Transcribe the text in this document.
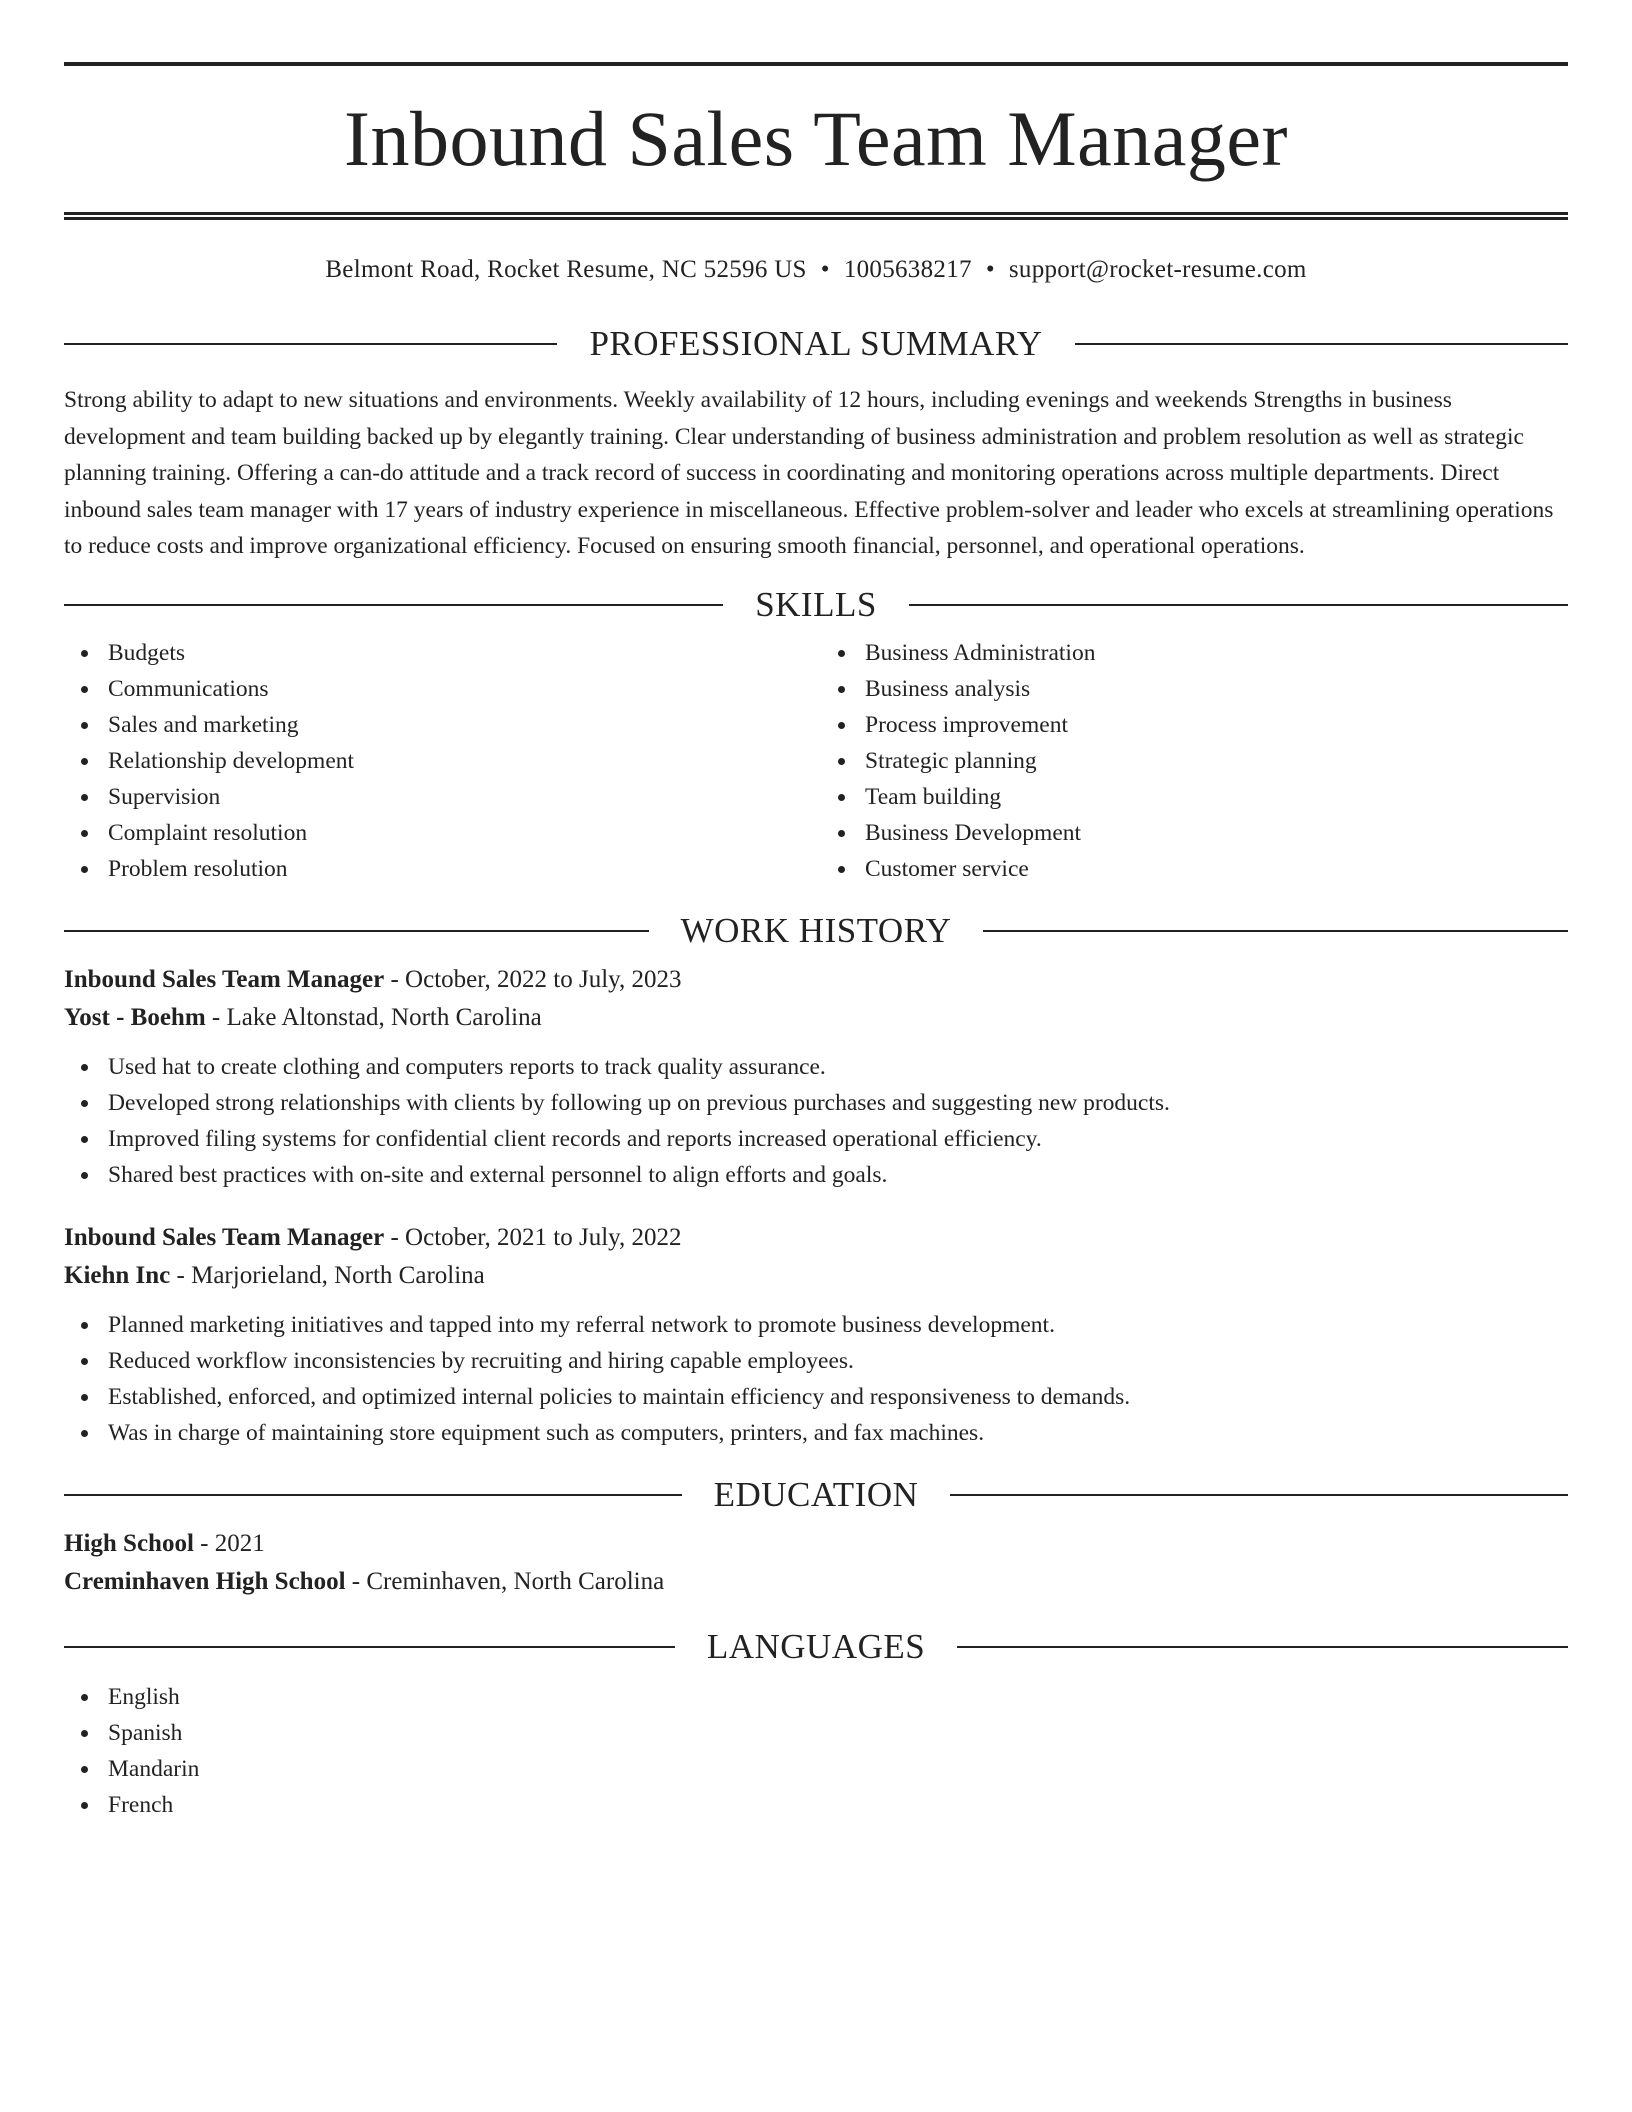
Inbound Sales Team Manager
Belmont Road, Rocket Resume, NC 52596 US • 1005638217 • support@rocket-resume.com
PROFESSIONAL SUMMARY

Strong ability to adapt to new situations and environments. Weekly availability of 12 hours, including evenings and weekends Strengths in business development and team building backed up by elegantly training. Clear understanding of business administration and problem resolution as well as strategic planning training. Offering a can-do attitude and a track record of success in coordinating and monitoring operations across multiple departments. Direct inbound sales team manager with 17 years of industry experience in miscellaneous. Effective problem-solver and leader who excels at streamlining operations to reduce costs and improve organizational efficiency. Focused on ensuring smooth financial, personnel, and operational operations.

SKILLS
Budgets
Communications
Sales and marketing
Relationship development
Supervision
Complaint resolution
Problem resolution
Business Administration
Business analysis
Process improvement
Strategic planning
Team building
Business Development
Customer service
WORK HISTORY
Inbound Sales Team Manager - October, 2022 to July, 2023
Yost - Boehm - Lake Altonstad, North Carolina
Used hat to create clothing and computers reports to track quality assurance.
Developed strong relationships with clients by following up on previous purchases and suggesting new products.
Improved filing systems for confidential client records and reports increased operational efficiency.
Shared best practices with on-site and external personnel to align efforts and goals.
Inbound Sales Team Manager - October, 2021 to July, 2022
Kiehn Inc - Marjorieland, North Carolina
Planned marketing initiatives and tapped into my referral network to promote business development.
Reduced workflow inconsistencies by recruiting and hiring capable employees.
Established, enforced, and optimized internal policies to maintain efficiency and responsiveness to demands.
Was in charge of maintaining store equipment such as computers, printers, and fax machines.
EDUCATION
High School - 2021
Creminhaven High School - Creminhaven, North Carolina
LANGUAGES
English
Spanish
Mandarin
French
